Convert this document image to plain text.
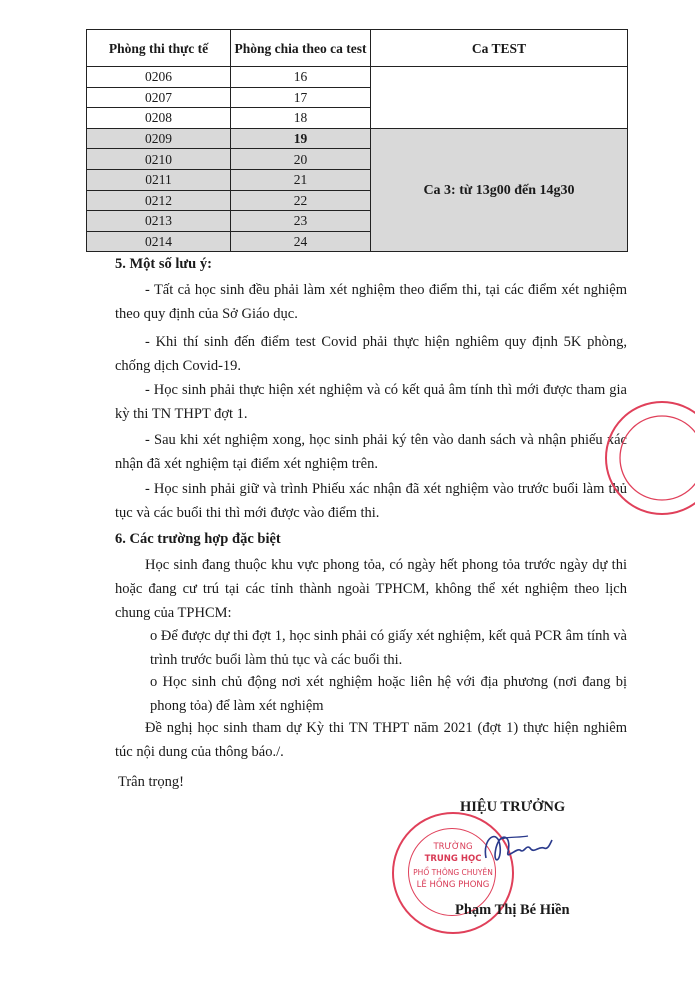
Phòng thi thực tế	Phòng chia theo ca test	Ca TEST
0206	16	
0207	17	
0208	18	
0209	19	Ca 3: từ 13g00 đến 14g30
0210	20	
0211	21	
0212	22	
0213	23	
0214	24	
5. Một số lưu ý:
- Tất cả học sinh đều phải làm xét nghiệm theo điểm thi, tại các điểm xét nghiệm theo quy định của Sở Giáo dục.
- Khi thí sinh đến điểm test Covid phải thực hiện nghiêm quy định 5K phòng, chống dịch Covid-19.
- Học sinh phải thực hiện xét nghiệm và có kết quả âm tính thì mới được tham gia kỳ thi TN THPT đợt 1.
- Sau khi xét nghiệm xong, học sinh phải ký tên vào danh sách và nhận phiếu xác nhận đã xét nghiệm tại điểm xét nghiệm trên.
- Học sinh phải giữ và trình Phiếu xác nhận đã xét nghiệm vào trước buổi làm thủ tục và các buổi thi thì mới được vào điểm thi.
6. Các trường hợp đặc biệt
Học sinh đang thuộc khu vực phong tỏa, có ngày hết phong tỏa trước ngày dự thi hoặc đang cư trú tại các tỉnh thành ngoài TPHCM, không thể xét nghiệm theo lịch chung của TPHCM:
o Để được dự thi đợt 1, học sinh phải có giấy xét nghiệm, kết quả PCR âm tính và trình trước buổi làm thủ tục và các buổi thi.
o Học sinh chủ động nơi xét nghiệm hoặc liên hệ với địa phương (nơi đang bị phong tỏa) để làm xét nghiệm
Đề nghị học sinh tham dự Kỳ thi TN THPT năm 2021 (đợt 1) thực hiện nghiêm túc nội dung của thông báo./.
Trân trọng!
HIỆU TRƯỞNG
TRƯỜNG
TRUNG HỌC
PHỔ THÔNG CHUYÊN
LÊ HỒNG PHONG
Phạm Thị Bé Hiền
